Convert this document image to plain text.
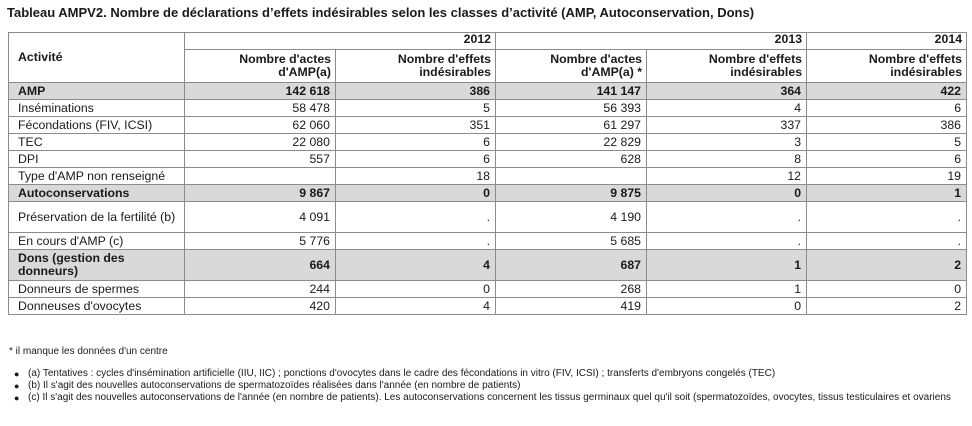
Tableau AMPV2. Nombre de déclarations d’effets indésirables selon les classes d’activité (AMP, Autoconservation, Dons)
Activité	2012		2013		2014
	Nombre d'actes d'AMP(a)	Nombre d'effets indésirables	Nombre d'actes d'AMP(a) *	Nombre d'effets indésirables	Nombre d'effets indésirables
AMP	142 618	386	141 147	364	422
Inséminations	58 478	5	56 393	4	6
Fécondations (FIV, ICSI)	62 060	351	61 297	337	386
TEC	22 080	6	22 829	3	5
DPI	557	6	628	8	6
Type d'AMP non renseigné		18		12	19
Autoconservations	9 867	0	9 875	0	1
Préservation de la fertilité (b)	4 091	.	4 190	.	.
En cours d'AMP (c)	5 776	.	5 685	.	.
Dons (gestion des donneurs)	664	4	687	1	2
Donneurs de spermes	244	0	268	1	0
Donneuses d'ovocytes	420	4	419	0	2
* il manque les données d'un centre
● (a) Tentatives : cycles d'insémination artificielle (IIU, IIC) ; ponctions d'ovocytes dans le cadre des fécondations in vitro (FIV, ICSI) ; transferts d'embryons congelés (TEC)
● (b) Il s'agit des nouvelles autoconservations de spermatozoïdes réalisées dans l'année (en nombre de patients)
● (c) Il s'agit des nouvelles autoconservations de l'année (en nombre de patients). Les autoconservations concernent les tissus germinaux quel qu'il soit (spermatozoïdes, ovocytes, tissus testiculaires et ovariens
